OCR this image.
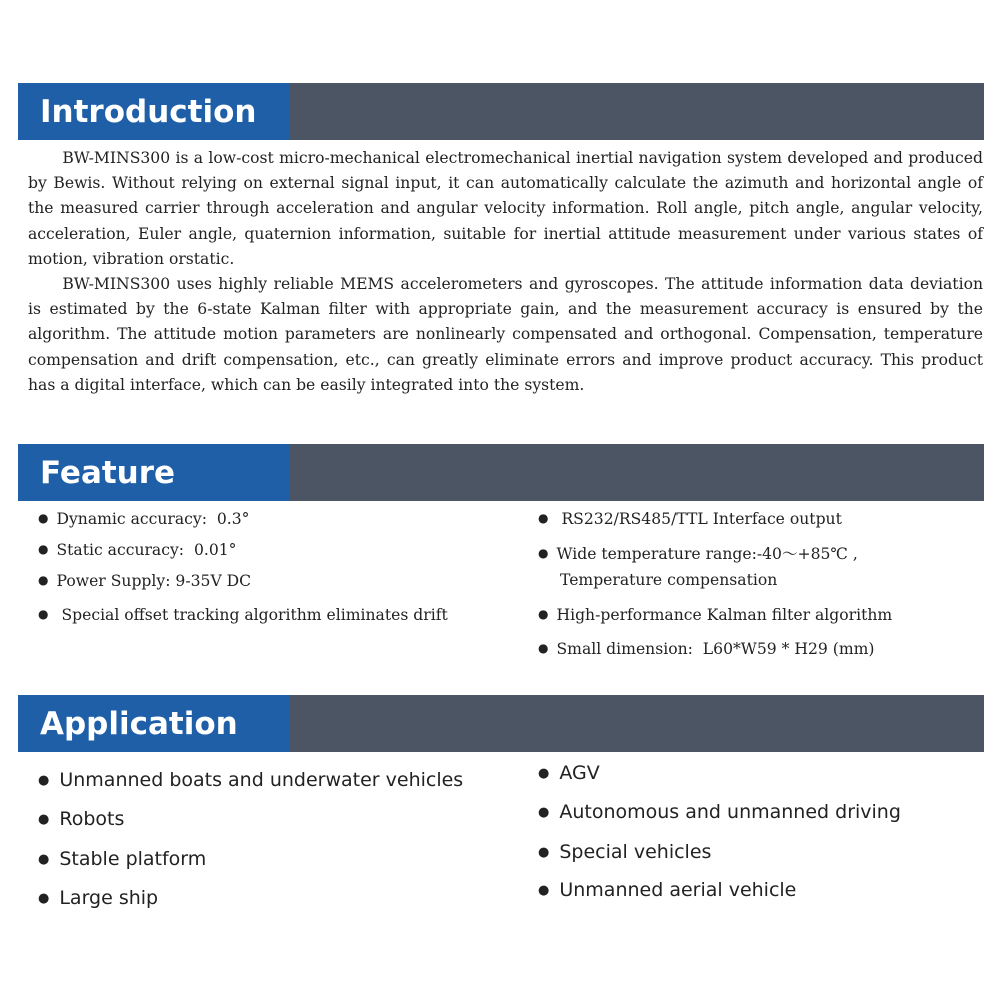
Introduction

BW-MINS300 is a low-cost micro-mechanical electromechanical inertial navigation system developed and produced by Bewis. Without relying on external signal input, it can automatically calculate the azimuth and horizontal angle of the measured carrier through acceleration and angular velocity information. Roll angle, pitch angle, angular velocity, acceleration, Euler angle, quaternion information, suitable for inertial attitude measurement under various states of motion, vibration orstatic.

BW-MINS300 uses highly reliable MEMS accelerometers and gyroscopes. The attitude information data deviation is estimated by the 6-state Kalman filter with appropriate gain, and the measurement accuracy is ensured by the algorithm. The attitude motion parameters are nonlinearly compensated and orthogonal. Compensation, temperature compensation and drift compensation, etc., can greatly eliminate errors and improve product accuracy. This product has a digital interface, which can be easily integrated into the system.

Feature
● Dynamic accuracy:  0.3°
● Static accuracy:  0.01°
● Power Supply: 9-35V DC
● Special offset tracking algorithm eliminates drift
● RS232/RS485/TTL Interface output
● Wide temperature range:-40～+85℃ ,
Temperature compensation
● High-performance Kalman filter algorithm
● Small dimension:  L60*W59 * H29 (mm)
Application
● Unmanned boats and underwater vehicles
● Robots
● Stable platform
● Large ship
● AGV
● Autonomous and unmanned driving
● Special vehicles
● Unmanned aerial vehicle
